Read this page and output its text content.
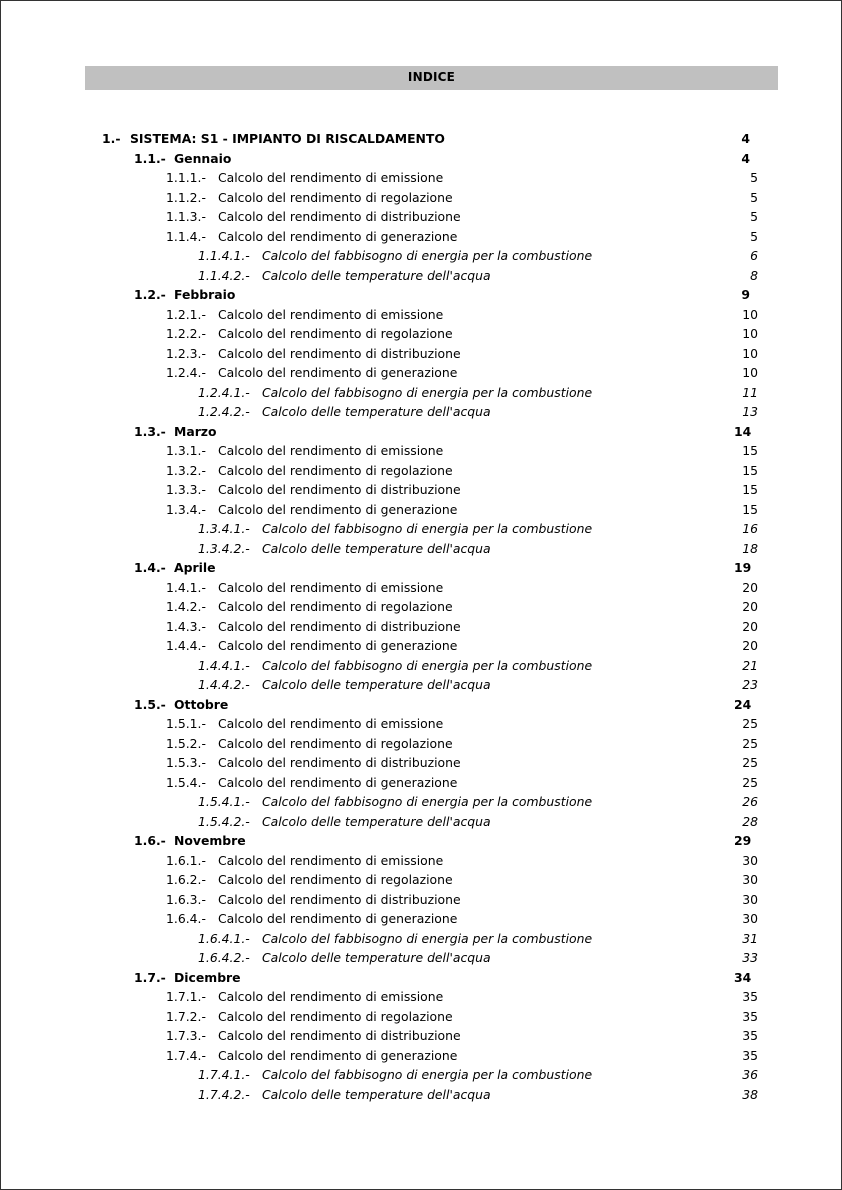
INDICE
1.- SISTEMA: S1 - IMPIANTO DI RISCALDAMENTO	4
1.1.- Gennaio	4
1.1.1.- Calcolo del rendimento di emissione	5
1.1.2.- Calcolo del rendimento di regolazione	5
1.1.3.- Calcolo del rendimento di distribuzione	5
1.1.4.- Calcolo del rendimento di generazione	5
1.1.4.1.- Calcolo del fabbisogno di energia per la combustione	6
1.1.4.2.- Calcolo delle temperature dell'acqua	8
1.2.- Febbraio	9
1.2.1.- Calcolo del rendimento di emissione	10
1.2.2.- Calcolo del rendimento di regolazione	10
1.2.3.- Calcolo del rendimento di distribuzione	10
1.2.4.- Calcolo del rendimento di generazione	10
1.2.4.1.- Calcolo del fabbisogno di energia per la combustione	11
1.2.4.2.- Calcolo delle temperature dell'acqua	13
1.3.- Marzo	14
1.3.1.- Calcolo del rendimento di emissione	15
1.3.2.- Calcolo del rendimento di regolazione	15
1.3.3.- Calcolo del rendimento di distribuzione	15
1.3.4.- Calcolo del rendimento di generazione	15
1.3.4.1.- Calcolo del fabbisogno di energia per la combustione	16
1.3.4.2.- Calcolo delle temperature dell'acqua	18
1.4.- Aprile	19
1.4.1.- Calcolo del rendimento di emissione	20
1.4.2.- Calcolo del rendimento di regolazione	20
1.4.3.- Calcolo del rendimento di distribuzione	20
1.4.4.- Calcolo del rendimento di generazione	20
1.4.4.1.- Calcolo del fabbisogno di energia per la combustione	21
1.4.4.2.- Calcolo delle temperature dell'acqua	23
1.5.- Ottobre	24
1.5.1.- Calcolo del rendimento di emissione	25
1.5.2.- Calcolo del rendimento di regolazione	25
1.5.3.- Calcolo del rendimento di distribuzione	25
1.5.4.- Calcolo del rendimento di generazione	25
1.5.4.1.- Calcolo del fabbisogno di energia per la combustione	26
1.5.4.2.- Calcolo delle temperature dell'acqua	28
1.6.- Novembre	29
1.6.1.- Calcolo del rendimento di emissione	30
1.6.2.- Calcolo del rendimento di regolazione	30
1.6.3.- Calcolo del rendimento di distribuzione	30
1.6.4.- Calcolo del rendimento di generazione	30
1.6.4.1.- Calcolo del fabbisogno di energia per la combustione	31
1.6.4.2.- Calcolo delle temperature dell'acqua	33
1.7.- Dicembre	34
1.7.1.- Calcolo del rendimento di emissione	35
1.7.2.- Calcolo del rendimento di regolazione	35
1.7.3.- Calcolo del rendimento di distribuzione	35
1.7.4.- Calcolo del rendimento di generazione	35
1.7.4.1.- Calcolo del fabbisogno di energia per la combustione	36
1.7.4.2.- Calcolo delle temperature dell'acqua	38
